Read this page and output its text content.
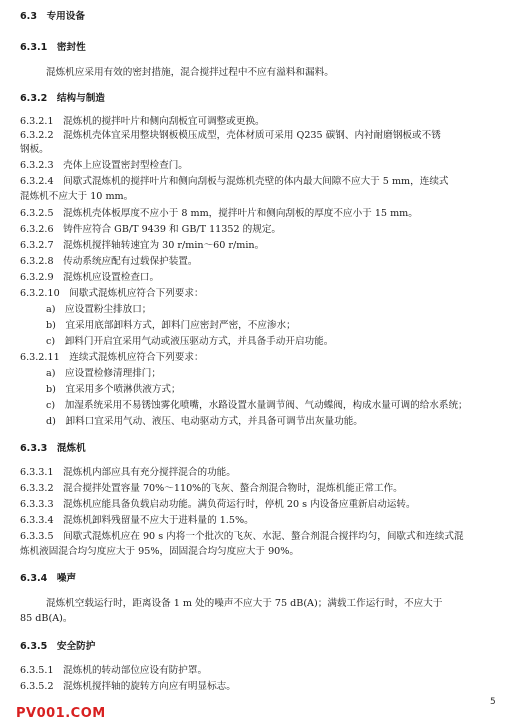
6.3　专用设备
6.3.1　密封性
混炼机应采用有效的密封措施，混合搅拌过程中不应有溢料和漏料。
6.3.2　结构与制造
6.3.2.1　混炼机的搅拌叶片和侧向刮板宜可调整或更换。
6.3.2.2　混炼机壳体宜采用整块钢板模压成型，壳体材质可采用 Q235 碳钢、内衬耐磨钢板或不锈
钢板。
6.3.2.3　壳体上应设置密封型检查门。
6.3.2.4　间歇式混炼机的搅拌叶片和侧向刮板与混炼机壳壁的体内最大间隙不应大于 5 mm，连续式
混炼机不应大于 10 mm。
6.3.2.5　混炼机壳体板厚度不应小于 8 mm，搅拌叶片和侧向刮板的厚度不应小于 15 mm。
6.3.2.6　铸件应符合 GB/T 9439 和 GB/T 11352 的规定。
6.3.2.7　混炼机搅拌轴转速宜为 30 r/min～60 r/min。
6.3.2.8　传动系统应配有过载保护装置。
6.3.2.9　混炼机应设置检查口。
6.3.2.10　间歇式混炼机应符合下列要求：
a)　应设置粉尘排放口；
b)　宜采用底部卸料方式，卸料门应密封严密，不应渗水；
c)　卸料门开启宜采用气动或液压驱动方式，并具备手动开启功能。
6.3.2.11　连续式混炼机应符合下列要求：
a)　应设置检修清理排门；
b)　宜采用多个喷淋供液方式；
c)　加湿系统采用不易锈蚀雾化喷嘴，水路设置水量调节阀、气动蝶阀，构成水量可调的给水系统；
d)　卸料口宜采用气动、液压、电动驱动方式，并具备可调节出灰量功能。
6.3.3　混炼机
6.3.3.1　混炼机内部应具有充分搅拌混合的功能。
6.3.3.2　混合搅拌处置容量 70%～110%的飞灰、螯合剂混合物时，混炼机能正常工作。
6.3.3.3　混炼机应能具备负载启动功能。满负荷运行时，停机 20 s 内设备应重新启动运转。
6.3.3.4　混炼机卸料残留量不应大于进料量的 1.5%。
6.3.3.5　间歇式混炼机应在 90 s 内将一个批次的飞灰、水泥、螯合剂混合搅拌均匀，间歇式和连续式混
炼机液固混合均匀度应大于 95%，固固混合均匀度应大于 90%。
6.3.4　噪声
混炼机空载运行时，距离设备 1 m 处的噪声不应大于 75 dB(A)；满载工作运行时，不应大于
85 dB(A)。
6.3.5　安全防护
6.3.5.1　混炼机的转动部位应设有防护罩。
6.3.5.2　混炼机搅拌轴的旋转方向应有明显标志。
5
PV001.COM
